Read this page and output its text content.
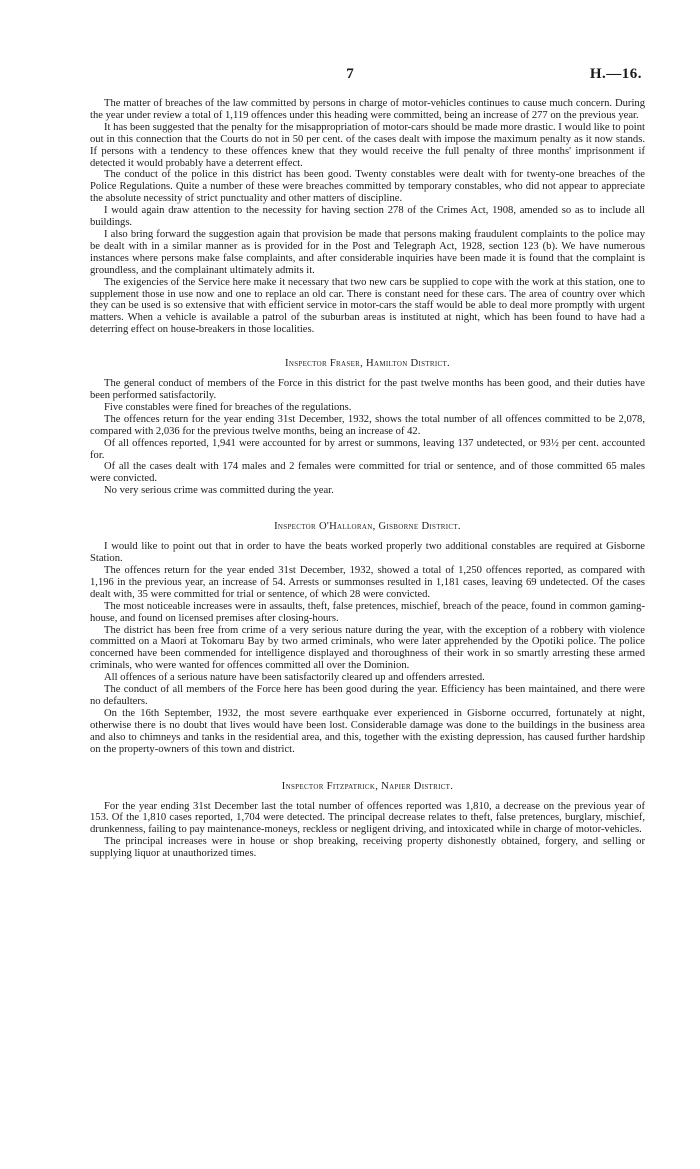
7	H.—16.

The matter of breaches of the law committed by persons in charge of motor-vehicles continues to cause much concern. During the year under review a total of 1,119 offences under this heading were committed, being an increase of 277 on the previous year.

It has been suggested that the penalty for the misappropriation of motor-cars should be made more drastic. I would like to point out in this connection that the Courts do not in 50 per cent. of the cases dealt with impose the maximum penalty as it now stands. If persons with a tendency to these offences knew that they would receive the full penalty of three months' imprisonment if detected it would probably have a deterrent effect.

The conduct of the police in this district has been good. Twenty constables were dealt with for twenty-one breaches of the Police Regulations. Quite a number of these were breaches committed by temporary constables, who did not appear to appreciate the absolute necessity of strict punctuality and other matters of discipline.

I would again draw attention to the necessity for having section 278 of the Crimes Act, 1908, amended so as to include all buildings.

I also bring forward the suggestion again that provision be made that persons making fraudulent complaints to the police may be dealt with in a similar manner as is provided for in the Post and Telegraph Act, 1928, section 123 (b). We have numerous instances where persons make false complaints, and after considerable inquiries have been made it is found that the complaint is groundless, and the complainant ultimately admits it.

The exigencies of the Service here make it necessary that two new cars be supplied to cope with the work at this station, one to supplement those in use now and one to replace an old car. There is constant need for these cars. The area of country over which they can be used is so extensive that with efficient service in motor-cars the staff would be able to deal more promptly with urgent matters. When a vehicle is available a patrol of the suburban areas is instituted at night, which has been found to have had a deterring effect on house-breakers in those localities.

Inspector Fraser, Hamilton District.

The general conduct of members of the Force in this district for the past twelve months has been good, and their duties have been performed satisfactorily.

Five constables were fined for breaches of the regulations.

The offences return for the year ending 31st December, 1932, shows the total number of all offences committed to be 2,078, compared with 2,036 for the previous twelve months, being an increase of 42.

Of all offences reported, 1,941 were accounted for by arrest or summons, leaving 137 undetected, or 93½ per cent. accounted for.

Of all the cases dealt with 174 males and 2 females were committed for trial or sentence, and of those committed 65 males were convicted.

No very serious crime was committed during the year.

Inspector O'Halloran, Gisborne District.

I would like to point out that in order to have the beats worked properly two additional constables are required at Gisborne Station.

The offences return for the year ended 31st December, 1932, showed a total of 1,250 offences reported, as compared with 1,196 in the previous year, an increase of 54. Arrests or summonses resulted in 1,181 cases, leaving 69 undetected. Of the cases dealt with, 35 were committed for trial or sentence, of which 28 were convicted.

The most noticeable increases were in assaults, theft, false pretences, mischief, breach of the peace, found in common gaming-house, and found on licensed premises after closing-hours.

The district has been free from crime of a very serious nature during the year, with the exception of a robbery with violence committed on a Maori at Tokomaru Bay by two armed criminals, who were later apprehended by the Opotiki police. The police concerned have been commended for intelligence displayed and thoroughness of their work in so smartly arresting these armed criminals, who were wanted for offences committed all over the Dominion.

All offences of a serious nature have been satisfactorily cleared up and offenders arrested.

The conduct of all members of the Force here has been good during the year. Efficiency has been maintained, and there were no defaulters.

On the 16th September, 1932, the most severe earthquake ever experienced in Gisborne occurred, fortunately at night, otherwise there is no doubt that lives would have been lost. Considerable damage was done to the buildings in the business area and also to chimneys and tanks in the residential area, and this, together with the existing depression, has caused further hardship on the property-owners of this town and district.

Inspector Fitzpatrick, Napier District.

For the year ending 31st December last the total number of offences reported was 1,810, a decrease on the previous year of 153. Of the 1,810 cases reported, 1,704 were detected. The principal decrease relates to theft, false pretences, burglary, mischief, drunkenness, failing to pay maintenance-moneys, reckless or negligent driving, and intoxicated while in charge of motor-vehicles.

The principal increases were in house or shop breaking, receiving property dishonestly obtained, forgery, and selling or supplying liquor at unauthorized times.
